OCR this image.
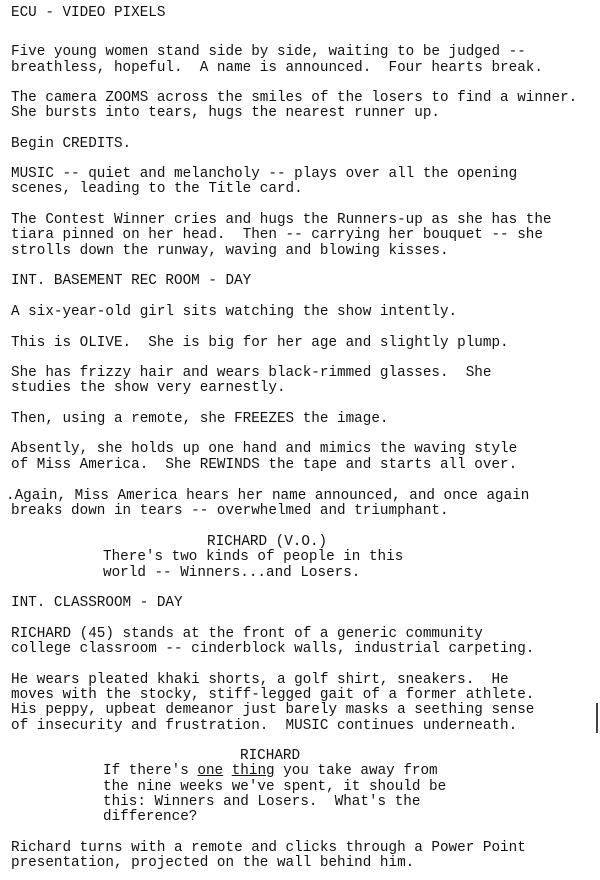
ECU - VIDEO PIXELS
Five young women stand side by side, waiting to be judged --
breathless, hopeful.  A name is announced.  Four hearts break.
The camera ZOOMS across the smiles of the losers to find a winner.
She bursts into tears, hugs the nearest runner up.
Begin CREDITS.
MUSIC -- quiet and melancholy -- plays over all the opening
scenes, leading to the Title card.
The Contest Winner cries and hugs the Runners-up as she has the
tiara pinned on her head.  Then -- carrying her bouquet -- she
strolls down the runway, waving and blowing kisses.
INT. BASEMENT REC ROOM - DAY
A six-year-old girl sits watching the show intently.
This is OLIVE.  She is big for her age and slightly plump.
She has frizzy hair and wears black-rimmed glasses.  She
studies the show very earnestly.
Then, using a remote, she FREEZES the image.
Absently, she holds up one hand and mimics the waving style
of Miss America.  She REWINDS the tape and starts all over.
.Again, Miss America hears her name announced, and once again
breaks down in tears -- overwhelmed and triumphant.
RICHARD (V.O.)
There's two kinds of people in this
world -- Winners...and Losers.
INT. CLASSROOM - DAY
RICHARD (45) stands at the front of a generic community
college classroom -- cinderblock walls, industrial carpeting.
He wears pleated khaki shorts, a golf shirt, sneakers.  He
moves with the stocky, stiff-legged gait of a former athlete.
His peppy, upbeat demeanor just barely masks a seething sense
of insecurity and frustration.  MUSIC continues underneath.
RICHARD
If there's one thing you take away from
the nine weeks we've spent, it should be
this: Winners and Losers.  What's the
difference?
Richard turns with a remote and clicks through a Power Point
presentation, projected on the wall behind him.
